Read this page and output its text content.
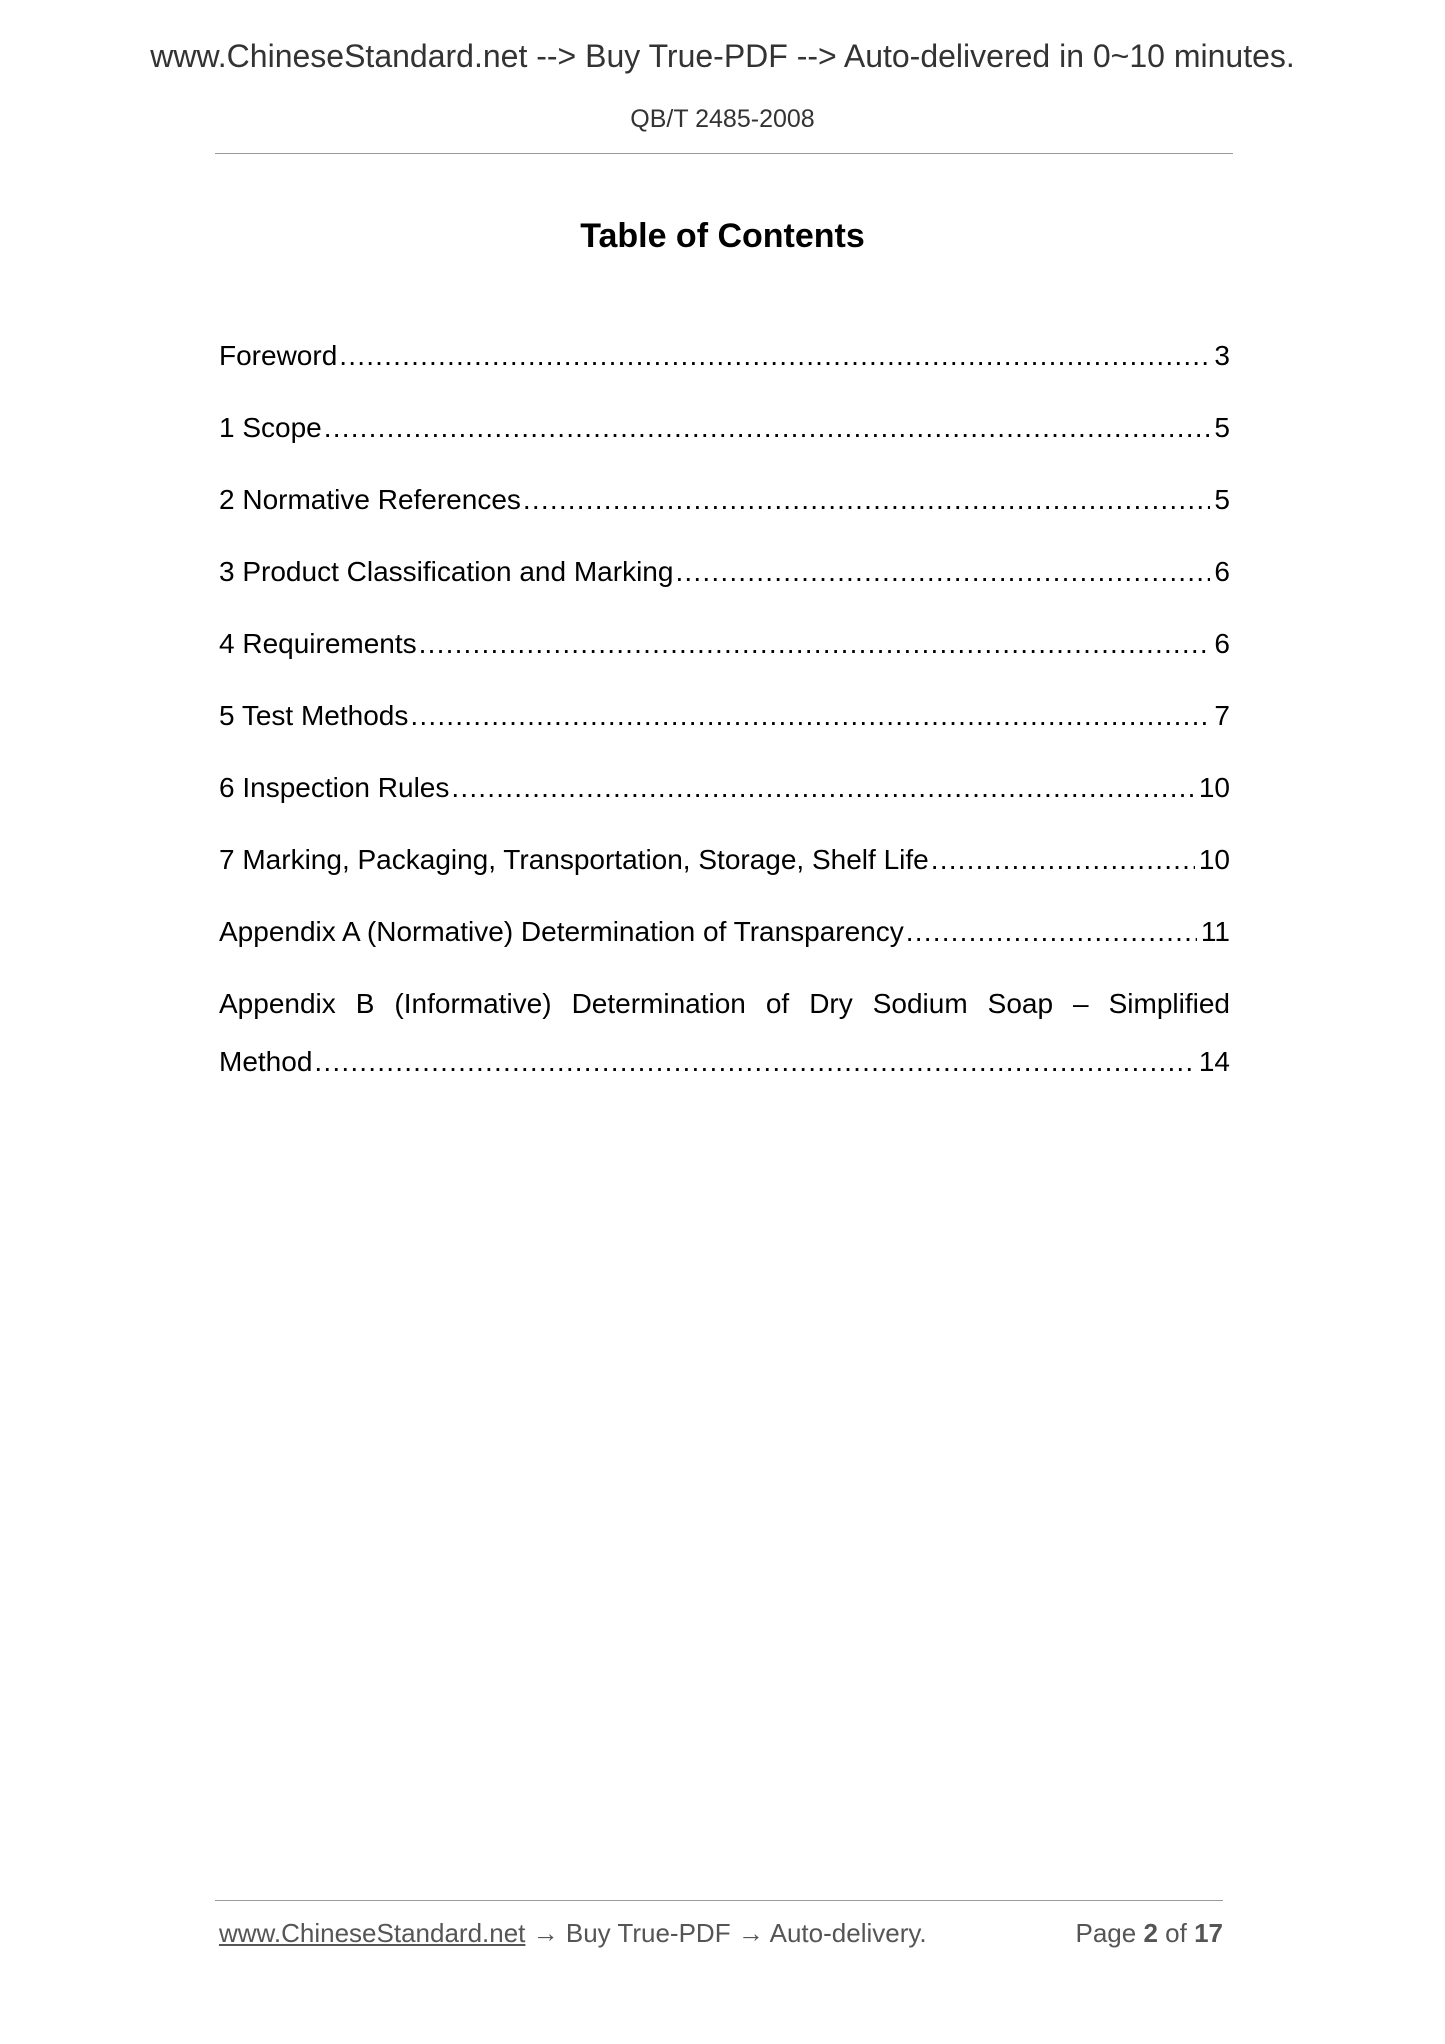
www.ChineseStandard.net --> Buy True-PDF --> Auto-delivered in 0~10 minutes.
QB/T 2485-2008
Table of Contents
Foreword .....	3
1 Scope .....	5
2 Normative References .....	5
3 Product Classification and Marking .....	6
4 Requirements .....	6
5 Test Methods .....	7
6 Inspection Rules .....	10
7 Marking, Packaging, Transportation, Storage, Shelf Life .....	10
Appendix A (Normative) Determination of Transparency .....	11
Appendix B (Informative) Determination of Dry Sodium Soap – Simplified
Method .....	14
www.ChineseStandard.net → Buy True-PDF → Auto-delivery.	Page 2 of 17
